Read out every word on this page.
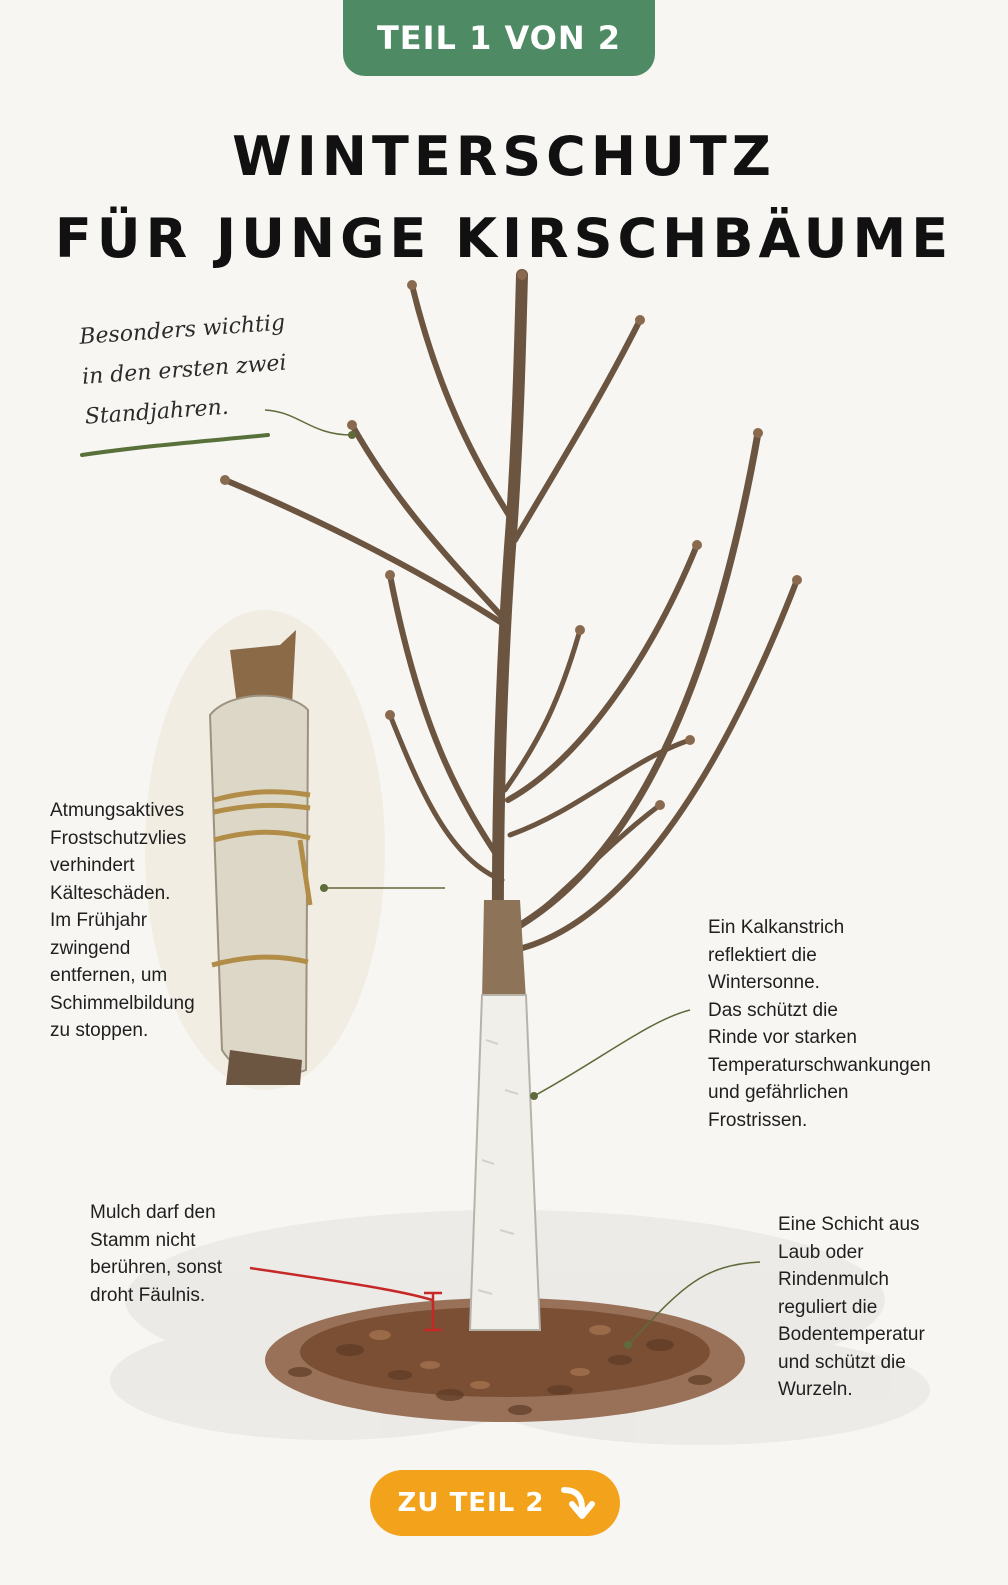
TEIL 1 VON 2
WINTERSCHUTZ
FÜR JUNGE KIRSCHBÄUME
Besonders wichtig
in den ersten zwei
Standjahren.
Atmungsaktives
Frostschutzvlies
verhindert
Kälteschäden.
Im Frühjahr
zwingend
entfernen, um
Schimmelbildung
zu stoppen.
Ein Kalkanstrich
reflektiert die
Wintersonne.
Das schützt die
Rinde vor starken
Temperaturschwankungen
und gefährlichen
Frostrissen.
Mulch darf den
Stamm nicht
berühren, sonst
droht Fäulnis.
Eine Schicht aus
Laub oder
Rindenmulch
reguliert die
Bodentemperatur
und schützt die
Wurzeln.
ZU TEIL 2
